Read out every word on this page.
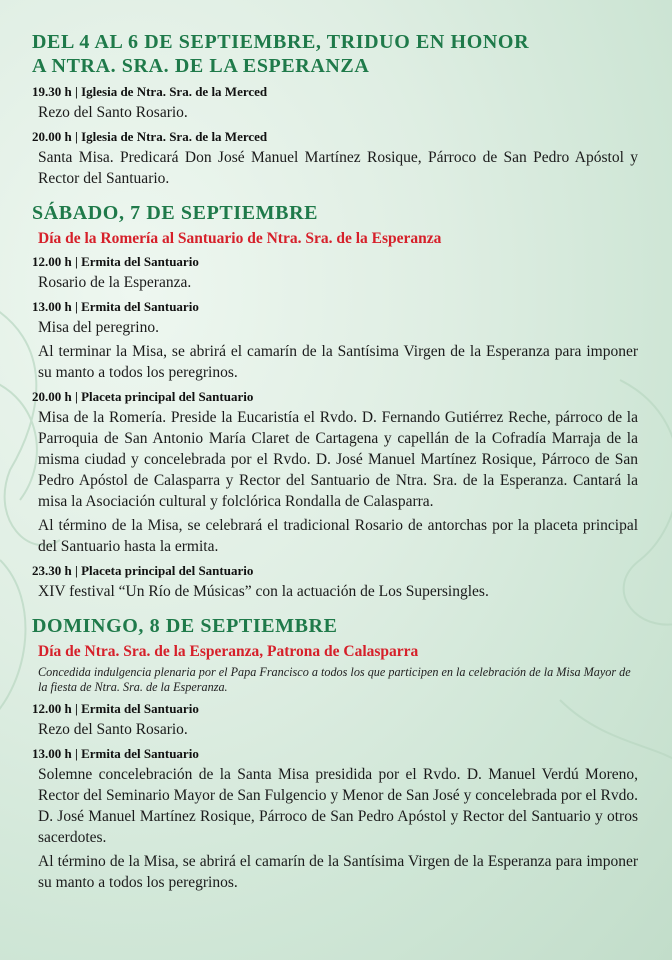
DEL 4 AL 6 DE SEPTIEMBRE, TRIDUO EN HONOR
A NTRA. SRA. DE LA ESPERANZA
19.30 h | Iglesia de Ntra. Sra. de la Merced
Rezo del Santo Rosario.
20.00 h | Iglesia de Ntra. Sra. de la Merced
Santa Misa. Predicará Don José Manuel Martínez Rosique, Párroco de San Pedro Apóstol y Rector del Santuario.
SÁBADO, 7 DE SEPTIEMBRE
Día de la Romería al Santuario de Ntra. Sra. de la Esperanza
12.00 h | Ermita del Santuario
Rosario de la Esperanza.
13.00 h | Ermita del Santuario
Misa del peregrino.
Al terminar la Misa, se abrirá el camarín de la Santísima Virgen de la Esperanza para imponer su manto a todos los peregrinos.
20.00 h | Placeta principal del Santuario
Misa de la Romería. Preside la Eucaristía el Rvdo. D. Fernando Gutiérrez Reche, párroco de la Parroquia de San Antonio María Claret de Cartagena y capellán de la Cofradía Marraja de la misma ciudad y concelebrada por el Rvdo. D. José Manuel Martínez Rosique, Párroco de San Pedro Apóstol de Calasparra y Rector del Santuario de Ntra. Sra. de la Esperanza. Cantará la misa la Asociación cultural y folclórica Rondalla de Calasparra.
Al término de la Misa, se celebrará el tradicional Rosario de antorchas por la placeta principal del Santuario hasta la ermita.
23.30 h | Placeta principal del Santuario
XIV festival “Un Río de Músicas” con la actuación de Los Supersingles.
DOMINGO, 8 DE SEPTIEMBRE
Día de Ntra. Sra. de la Esperanza, Patrona de Calasparra
Concedida indulgencia plenaria por el Papa Francisco a todos los que participen en la celebración de la Misa Mayor de la fiesta de Ntra. Sra. de la Esperanza.
12.00 h | Ermita del Santuario
Rezo del Santo Rosario.
13.00 h | Ermita del Santuario
Solemne concelebración de la Santa Misa presidida por el Rvdo. D. Manuel Verdú Moreno, Rector del Seminario Mayor de San Fulgencio y Menor de San José y concelebrada por el Rvdo. D. José Manuel Martínez Rosique, Párroco de San Pedro Apóstol y Rector del Santuario y otros sacerdotes.
Al término de la Misa, se abrirá el camarín de la Santísima Virgen de la Esperanza para imponer su manto a todos los peregrinos.
